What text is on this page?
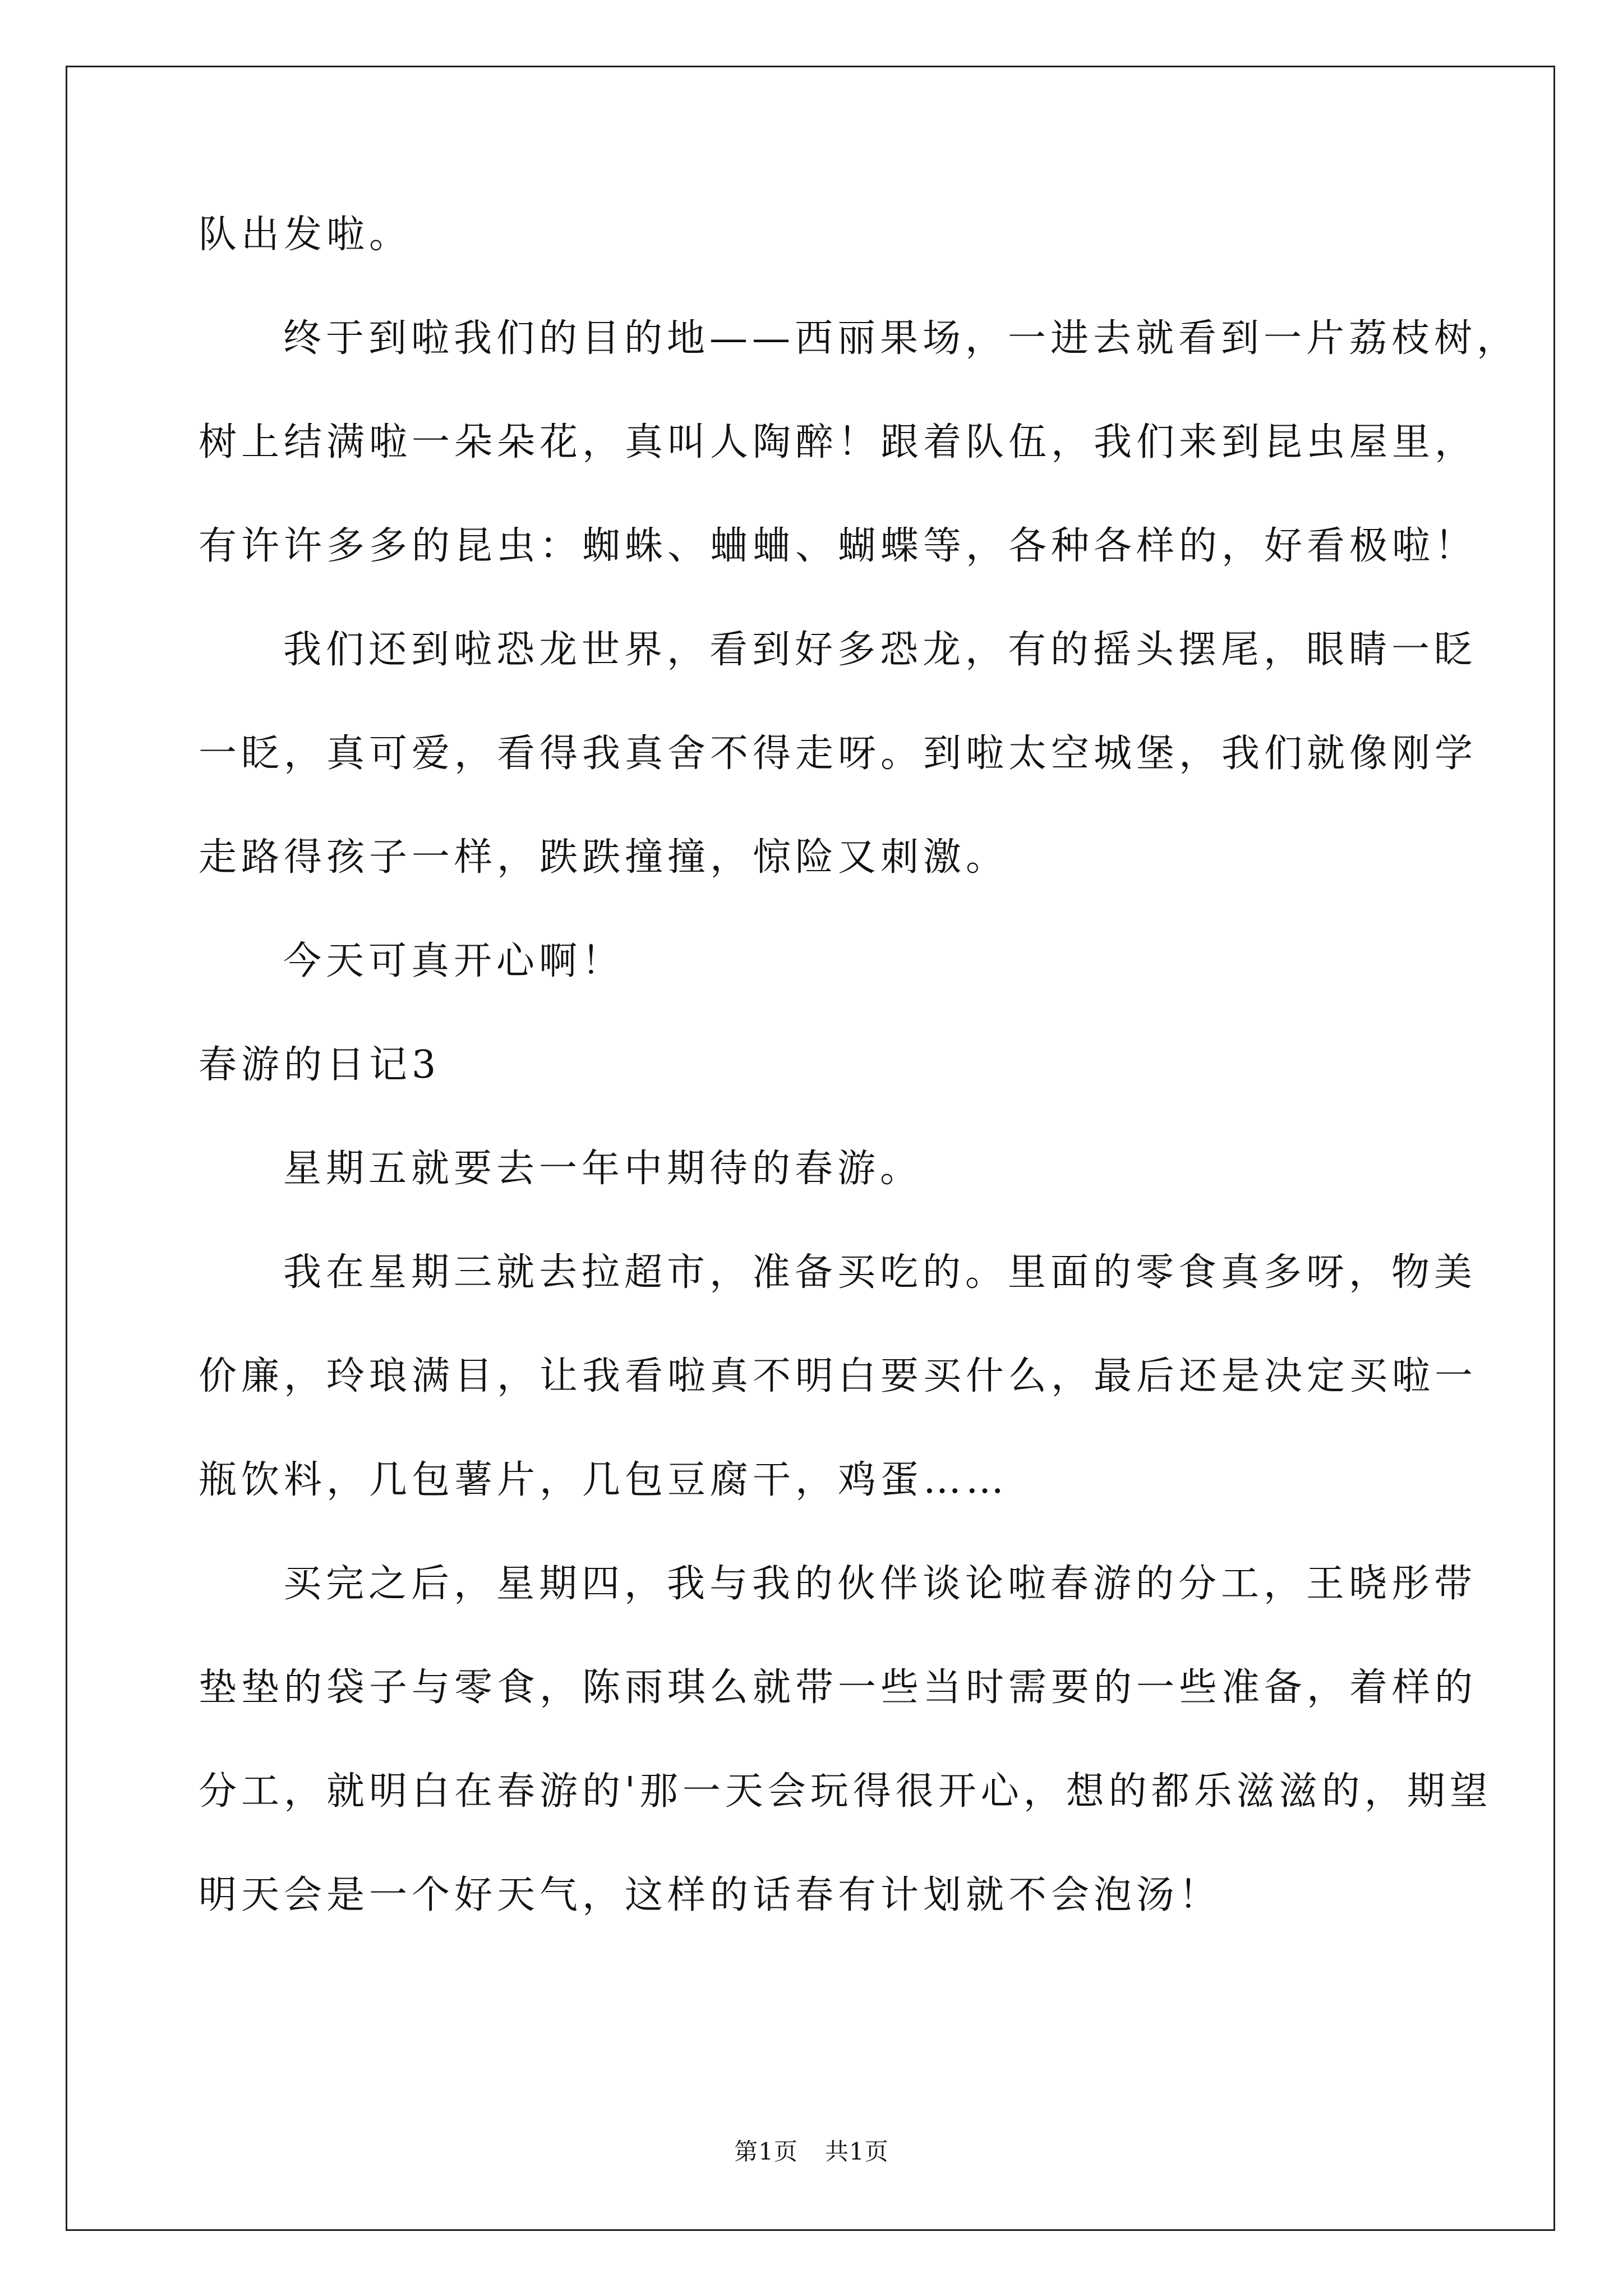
队出发啦。
终于到啦我们的目的地——西丽果场，一进去就看到一片荔枝树，
树上结满啦一朵朵花，真叫人陶醉！跟着队伍，我们来到昆虫屋里，
有许许多多的昆虫：蜘蛛、蛐蛐、蝴蝶等，各种各样的，好看极啦！
我们还到啦恐龙世界，看到好多恐龙，有的摇头摆尾，眼睛一眨
一眨，真可爱，看得我真舍不得走呀。到啦太空城堡，我们就像刚学
走路得孩子一样，跌跌撞撞，惊险又刺激。
今天可真开心啊！
春游的日记3
星期五就要去一年中期待的春游。
我在星期三就去拉超市，准备买吃的。里面的零食真多呀，物美
价廉，玲琅满目，让我看啦真不明白要买什么，最后还是决定买啦一
瓶饮料，几包薯片，几包豆腐干，鸡蛋……
买完之后，星期四，我与我的伙伴谈论啦春游的分工，王晓彤带
垫垫的袋子与零食，陈雨琪么就带一些当时需要的一些准备，着样的
分工，就明白在春游的'那一天会玩得很开心，想的都乐滋滋的，期望
明天会是一个好天气，这样的话春有计划就不会泡汤！
第1页 共1页
